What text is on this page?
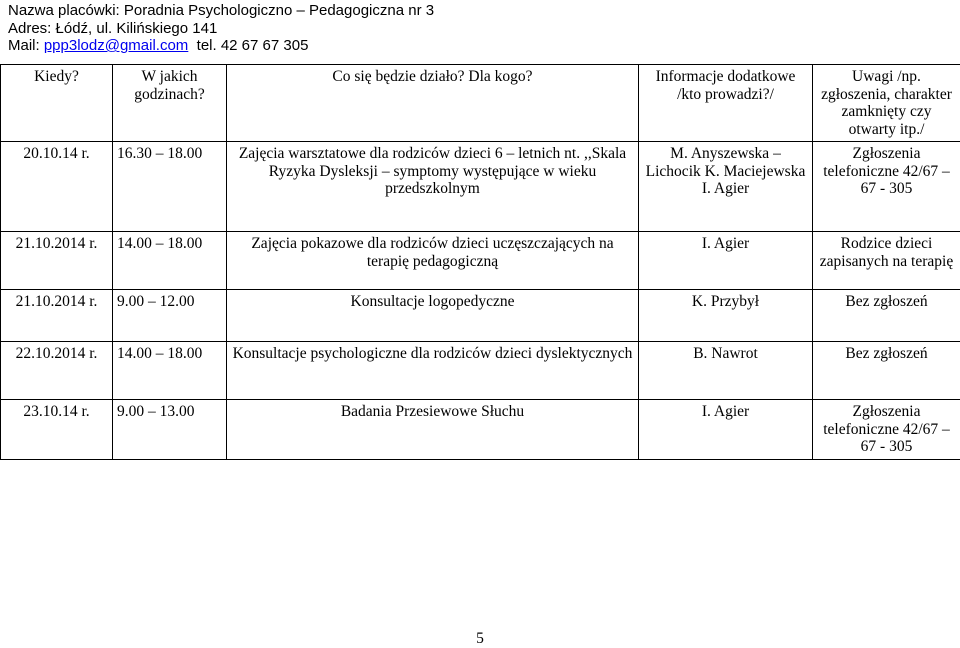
Nazwa placówki: Poradnia Psychologiczno – Pedagogiczna nr 3
Adres: Łódź, ul. Kilińskiego 141
Mail: ppp3lodz@gmail.com  tel. 42 67 67 305
Kiedy?	W jakich godzinach?	Co się będzie działo? Dla kogo?	Informacje dodatkowe /kto prowadzi?/	Uwagi /np. zgłoszenia, charakter zamknięty czy otwarty itp./
20.10.14 r.	16.30 – 18.00	Zajęcia warsztatowe dla rodziców dzieci 6 – letnich nt. ,,Skala Ryzyka Dysleksji – symptomy występujące w wieku przedszkolnym	M. Anyszewska – Lichocik K. Maciejewska I. Agier	Zgłoszenia telefoniczne 42/67 – 67 - 305
21.10.2014 r.	14.00 – 18.00	Zajęcia pokazowe dla rodziców dzieci uczęszczających na terapię pedagogiczną	I. Agier	Rodzice dzieci zapisanych na terapię
21.10.2014 r.	9.00 – 12.00	Konsultacje logopedyczne	K. Przybył	Bez zgłoszeń
22.10.2014 r.	14.00 – 18.00	Konsultacje psychologiczne dla rodziców dzieci dyslektycznych	B. Nawrot	Bez zgłoszeń
23.10.14 r.	9.00 – 13.00	Badania Przesiewowe Słuchu	I. Agier	Zgłoszenia telefoniczne 42/67 – 67 - 305
5
